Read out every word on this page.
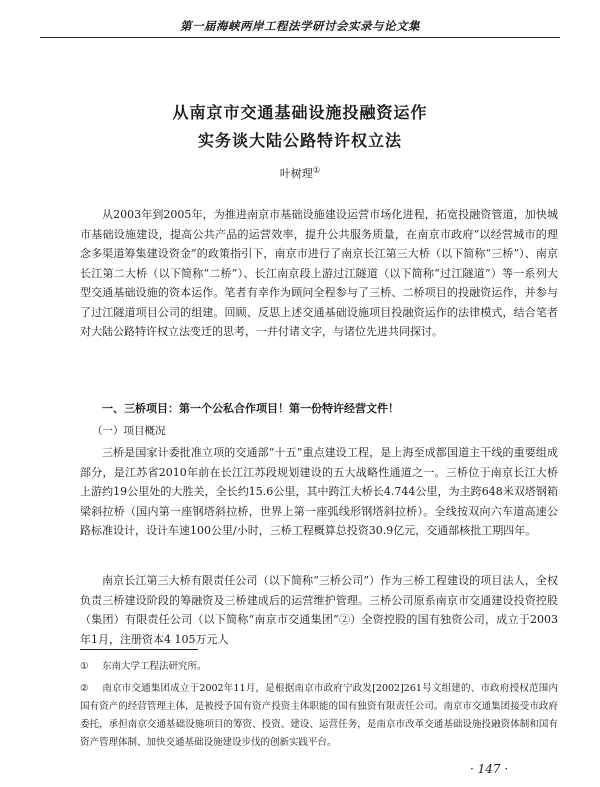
第一届海峡两岸工程法学研讨会实录与论文集
从南京市交通基础设施投融资运作
实务谈大陆公路特许权立法
叶树理①

从2003年到2005年，为推进南京市基础设施建设运营市场化进程，拓宽投融资管道，加快城市基础设施建设，提高公共产品的运营效率，提升公共服务质量，在南京市政府“以经营城市的理念多渠道筹集建设资金”的政策指引下，南京市进行了南京长江第三大桥（以下简称“三桥”）、南京长江第二大桥（以下简称“二桥”）、长江南京段上游过江隧道（以下简称“过江隧道”）等一系列大型交通基础设施的资本运作。笔者有幸作为顾问全程参与了三桥、二桥项目的投融资运作，并参与了过江隧道项目公司的组建。回顾、反思上述交通基础设施项目投融资运作的法律模式，结合笔者对大陆公路特许权立法变迁的思考，一并付诸文字，与诸位先进共同探讨。

一、三桥项目：第一个公私合作项目！第一份特许经营文件！
（一）项目概况

三桥是国家计委批准立项的交通部“十五”重点建设工程，是上海至成都国道主干线的重要组成部分，是江苏省2010年前在长江江苏段规划建设的五大战略性通道之一。三桥位于南京长江大桥上游约19公里处的大胜关，全长约15.6公里，其中跨江大桥长4.744公里，为主跨648米双塔钢箱梁斜拉桥（国内第一座钢塔斜拉桥，世界上第一座弧线形钢塔斜拉桥）。全线按双向六车道高速公路标准设计，设计车速100公里/小时，三桥工程概算总投资30.9亿元，交通部核批工期四年。

南京长江第三大桥有限责任公司（以下简称“三桥公司”）作为三桥工程建设的项目法人，全权负责三桥建设阶段的筹融资及三桥建成后的运营维护管理。三桥公司原系南京市交通建设投资控股（集团）有限责任公司（以下简称“南京市交通集团”②）全资控股的国有独资公司，成立于2003年1月，注册资本4 105万元人

① 东南大学工程法研究所。

② 南京市交通集团成立于2002年11月，是根据南京市政府宁政发[2002]261号文组建的、市政府授权范围内国有资产的经营管理主体，是被授予国有资产投资主体职能的国有独资有限责任公司。南京市交通集团接受市政府委托，承担南京交通基础设施项目的筹资、投资、建设、运营任务，是南京市改革交通基础设施投融资体制和国有资产管理体制、加快交通基础设施建设步伐的创新实践平台。

· 147 ·
